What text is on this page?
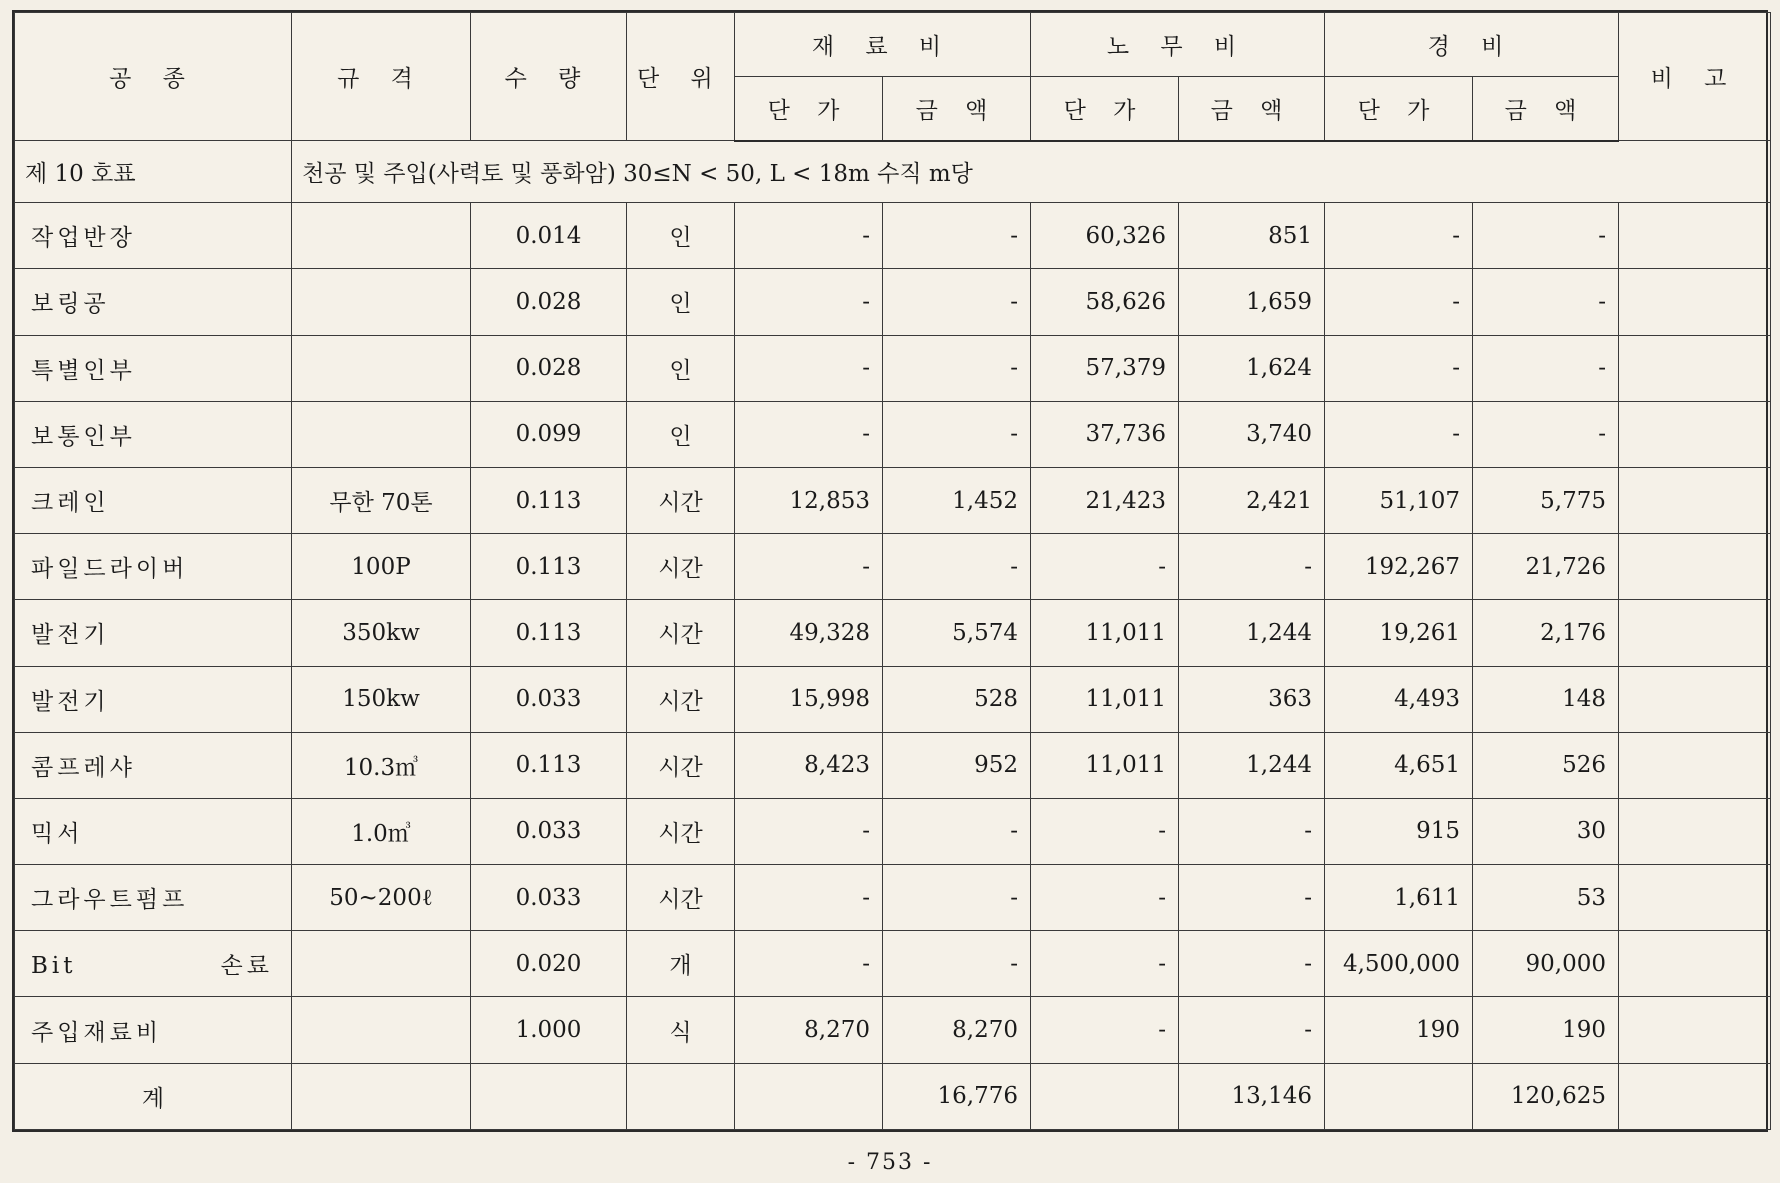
공 종	규 격	수 량	단 위	재 료 비		노 무 비		경 비		비 고
				단 가	금 액	단 가	금 액	단 가	금 액	
제 10 호표	천공 및 주입(사력토 및 풍화암) 30≤N < 50, L < 18m 수직 m당									
작업반장		0.014	인	-	-	60,326	851	-	-	
보링공		0.028	인	-	-	58,626	1,659	-	-	
특별인부		0.028	인	-	-	57,379	1,624	-	-	
보통인부		0.099	인	-	-	37,736	3,740	-	-	
크레인	무한 70톤	0.113	시간	12,853	1,452	21,423	2,421	51,107	5,775	
파일드라이버	100P	0.113	시간	-	-	-	-	192,267	21,726	
발전기	350kw	0.113	시간	49,328	5,574	11,011	1,244	19,261	2,176	
발전기	150kw	0.033	시간	15,998	528	11,011	363	4,493	148	
콤프레샤	10.3㎥	0.113	시간	8,423	952	11,011	1,244	4,651	526	
믹서	1.0㎥	0.033	시간	-	-	-	-	915	30	
그라우트펌프	50~200ℓ	0.033	시간	-	-	-	-	1,611	53	
Bit 손료		0.020	개	-	-	-	-	4,500,000	90,000	
주입재료비		1.000	식	8,270	8,270	-	-	190	190	
계					16,776		13,146		120,625	
- 753 -
